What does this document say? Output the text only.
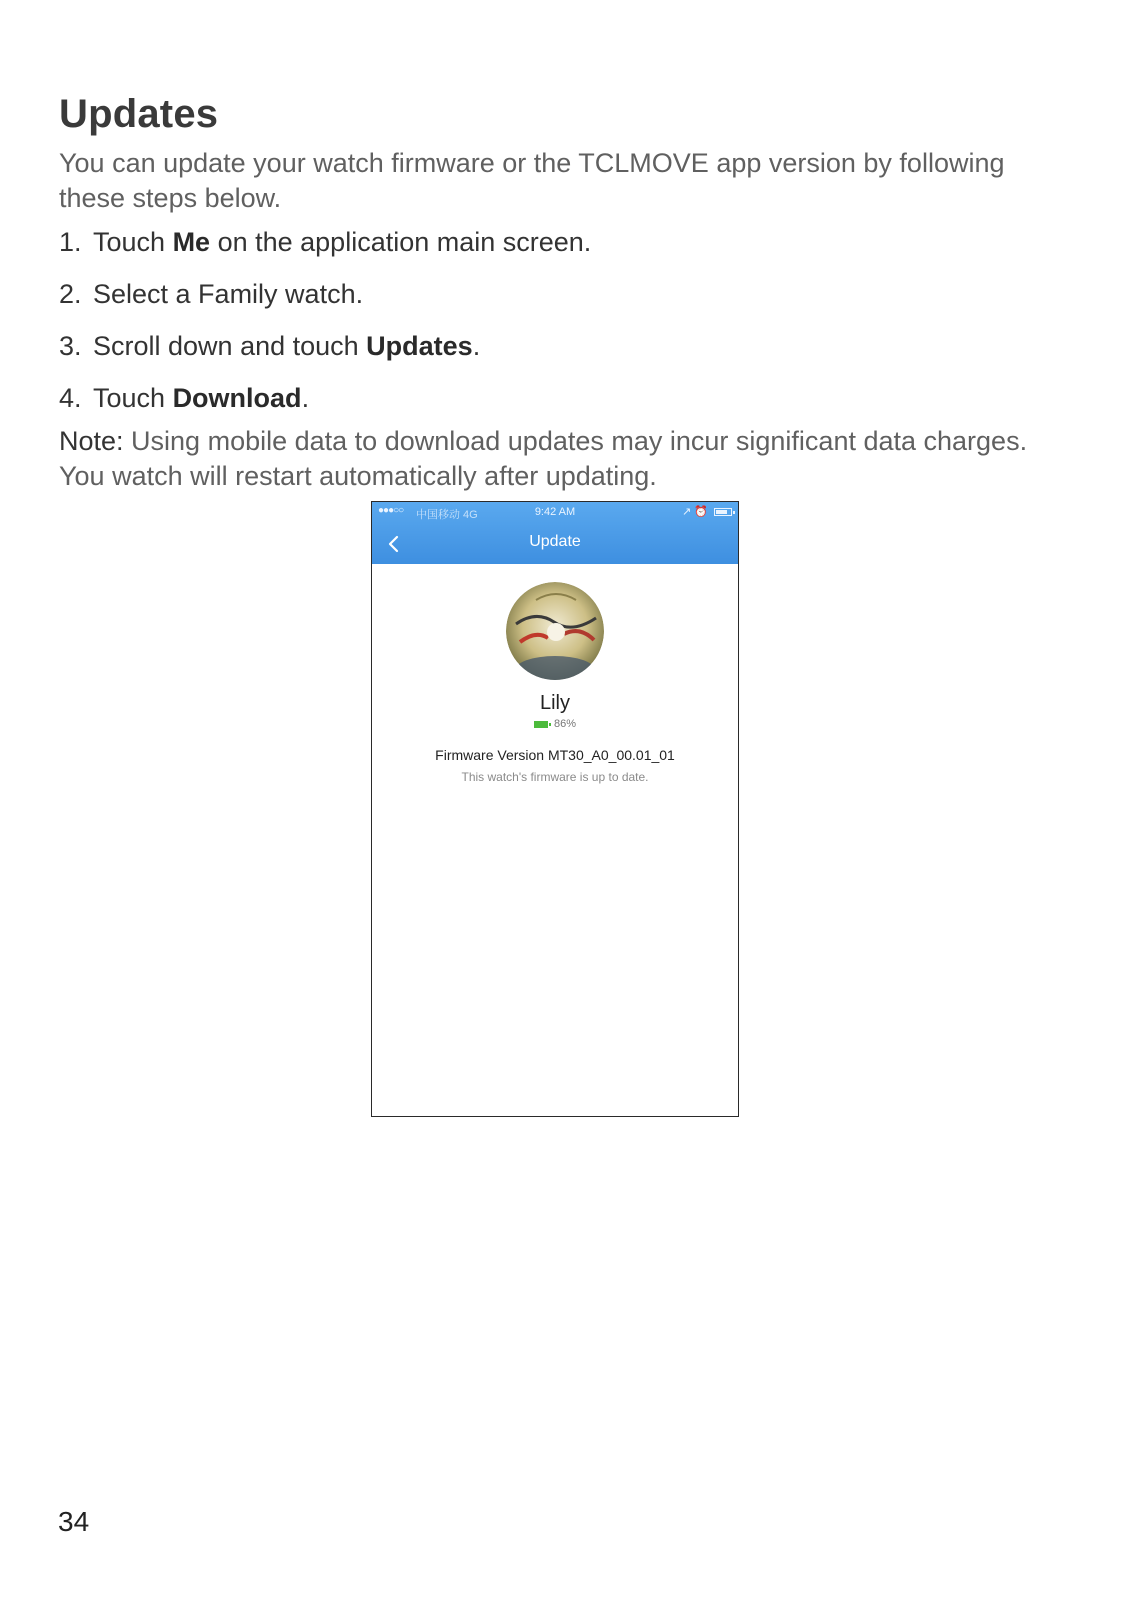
Updates

You can update your watch firmware or the TCLMOVE app version by following these steps below.

1. Touch Me on the application main screen.
2. Select a Family watch.
3. Scroll down and touch Updates.
4. Touch Download.

Note: Using mobile data to download updates may incur significant data charges. You watch will restart automatically after updating.

●●●○○ 中国移动 4G	9:42 AM	↗ ⏰
Update
Lily
86%
Firmware Version MT30_A0_00.01_01
This watch's firmware is up to date.
34
